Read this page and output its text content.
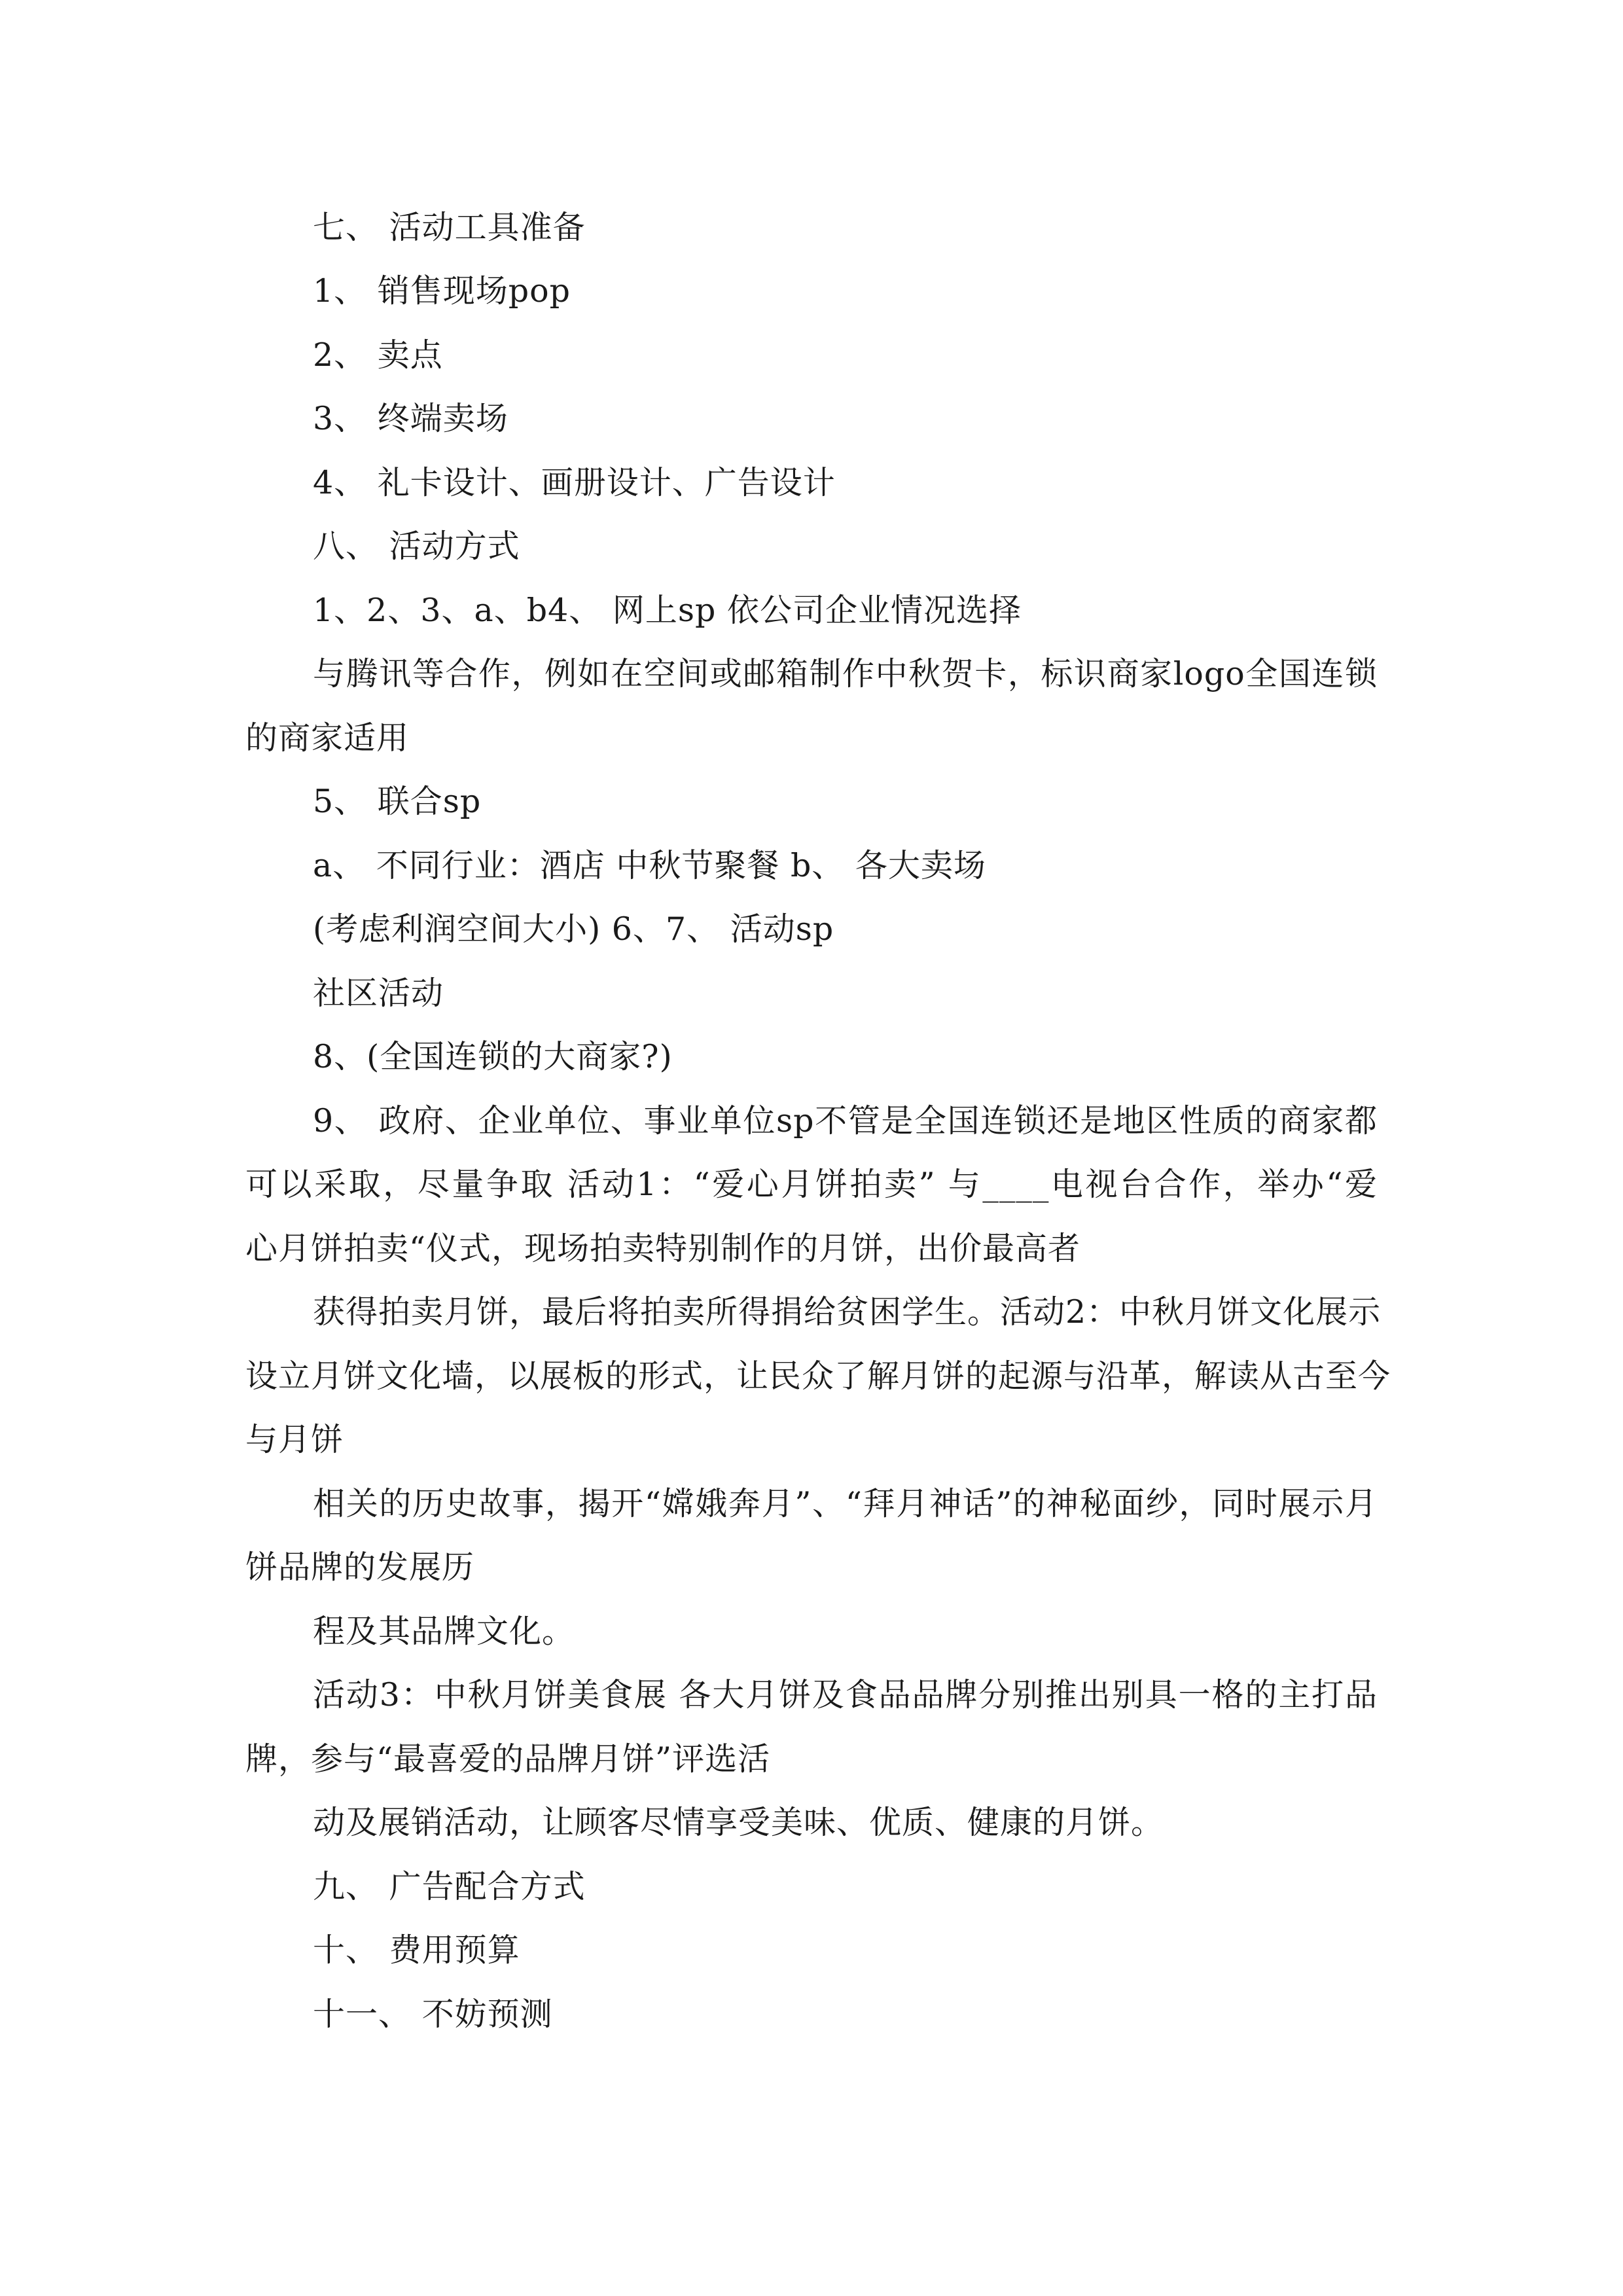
七、 活动工具准备
1、 销售现场pop
2、 卖点
3、 终端卖场
4、 礼卡设计、画册设计、广告设计
八、 活动方式
1、2、3、a、b4、 网上sp 依公司企业情况选择
与腾讯等合作，例如在空间或邮箱制作中秋贺卡，标识商家logo全国连锁
的商家适用
5、 联合sp
a、 不同行业：酒店 中秋节聚餐 b、 各大卖场
(考虑利润空间大小) 6、7、 活动sp
社区活动
8、(全国连锁的大商家?)
9、 政府、企业单位、事业单位sp不管是全国连锁还是地区性质的商家都
可以采取，尽量争取 活动1：“爱心月饼拍卖” 与____电视台合作，举办“爱
心月饼拍卖“仪式，现场拍卖特别制作的月饼，出价最高者
获得拍卖月饼，最后将拍卖所得捐给贫困学生。活动2：中秋月饼文化展示
设立月饼文化墙，以展板的形式，让民众了解月饼的起源与沿革，解读从古至今
与月饼
相关的历史故事，揭开“嫦娥奔月”、“拜月神话”的神秘面纱，同时展示月
饼品牌的发展历
程及其品牌文化。
活动3：中秋月饼美食展 各大月饼及食品品牌分别推出别具一格的主打品
牌，参与“最喜爱的品牌月饼”评选活
动及展销活动，让顾客尽情享受美味、优质、健康的月饼。
九、 广告配合方式
十、 费用预算
十一、 不妨预测
